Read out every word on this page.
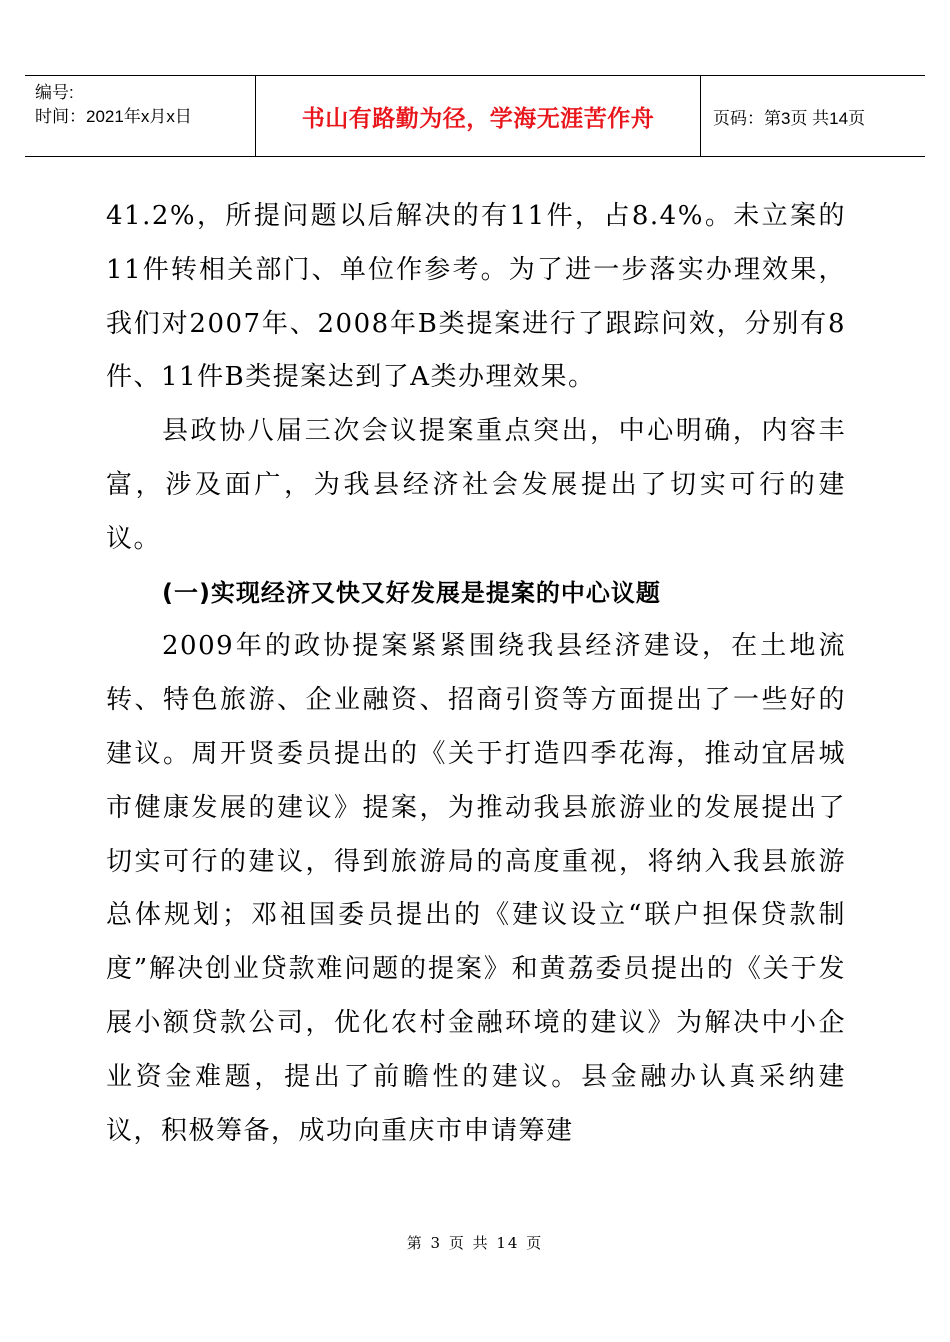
编号:
时间：2021年x月x日	书山有路勤为径，学海无涯苦作舟	页码：第3页 共14页

41.2%，所提问题以后解决的有11件，占8.4%。未立案的11件转相关部门、单位作参考。为了进一步落实办理效果，我们对2007年、2008年B类提案进行了跟踪问效，分别有8件、11件B类提案达到了A类办理效果。

县政协八届三次会议提案重点突出，中心明确，内容丰富，涉及面广，为我县经济社会发展提出了切实可行的建议。

(一)实现经济又快又好发展是提案的中心议题

2009年的政协提案紧紧围绕我县经济建设，在土地流转、特色旅游、企业融资、招商引资等方面提出了一些好的建议。周开贤委员提出的《关于打造四季花海，推动宜居城市健康发展的建议》提案，为推动我县旅游业的发展提出了切实可行的建议，得到旅游局的高度重视，将纳入我县旅游总体规划；邓祖国委员提出的《建议设立“联户担保贷款制度”解决创业贷款难问题的提案》和黄荔委员提出的《关于发展小额贷款公司，优化农村金融环境的建议》为解决中小企业资金难题，提出了前瞻性的建议。县金融办认真采纳建议，积极筹备，成功向重庆市申请筹建

第 3 页 共 14 页
